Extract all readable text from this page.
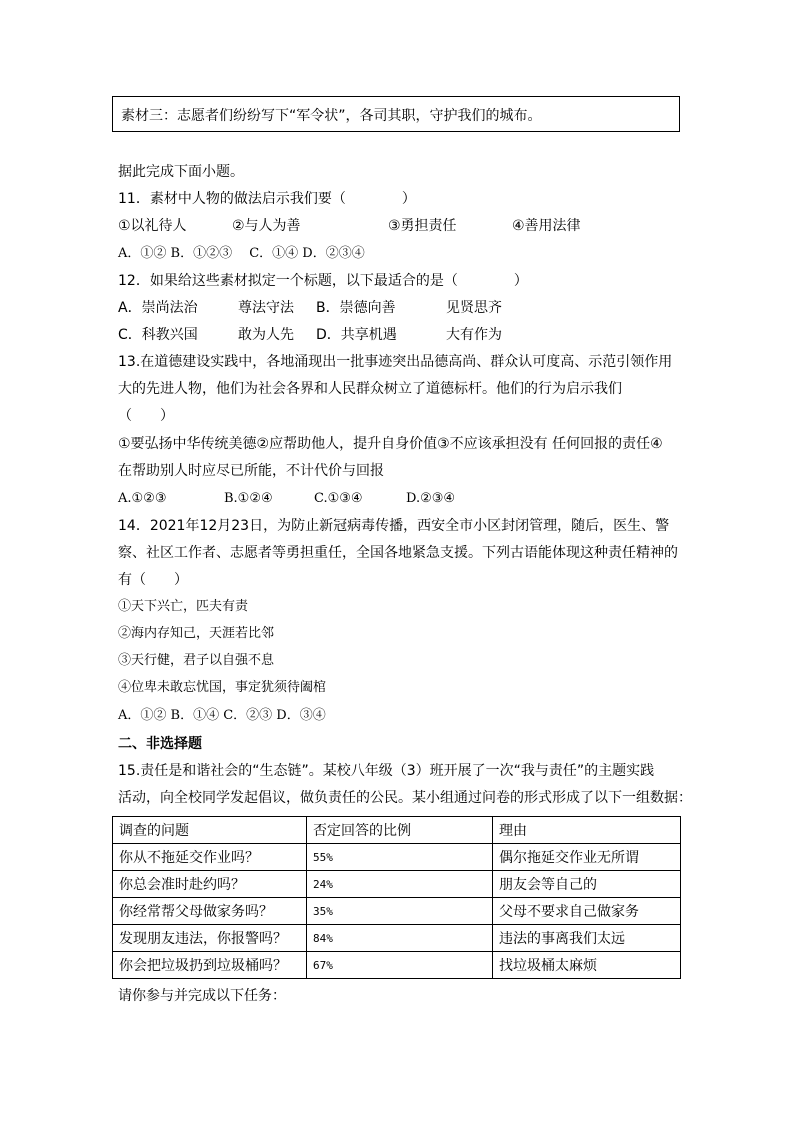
素材三：志愿者们纷纷写下“军令状”，各司其职，守护我们的城布。
据此完成下面小题。
11．素材中人物的做法启示我们要（　　　　）
①以礼待人	②与人为善	③勇担责任	④善用法律
A．①② B．①②③　 C．①④ D．②③④
12．如果给这些素材拟定一个标题，以下最适合的是（　　　　）
A．崇尚法治	尊法守法 B．崇德向善	见贤思齐
C．科教兴国	敢为人先 D．共享机遇	大有作为
13.在道德建设实践中，各地涌现出一批事迹突出品德高尚、群众认可度高、示范引领作用
大的先进人物，他们为社会各界和人民群众树立了道德标杆。他们的行为启示我们
（　　）
①要弘扬中华传统美德②应帮助他人，提升自身价值③不应该承担没有 任何回报的责任④
在帮助别人时应尽已所能，不计代价与回报
A.①②③	B.①②④	C.①③④	D.②③④
14．2021年12月23日，为防止新冠病毒传播，西安全市小区封闭管理，随后，医生、警
察、社区工作者、志愿者等勇担重任，全国各地紧急支援。下列古语能体现这种责任精神的
有（　　）
①天下兴亡，匹夫有责
②海内存知己，天涯若比邻
③天行健，君子以自强不息
④位卑未敢忘忧国，事定犹须待阖棺
A．①② B．①④ C．②③ D．③④
二、非选择题
15.责任是和谐社会的“生态链”。某校八年级（3）班开展了一次“我与责任”的主题实践
活动，向全校同学发起倡议，做负责任的公民。某小组通过问卷的形式形成了以下一组数据：
调查的问题	否定回答的比例	理由
你从不拖延交作业吗？	55%	偶尔拖延交作业无所谓
你总会准时赴约吗？	24%	朋友会等自己的
你经常帮父母做家务吗？	35%	父母不要求自己做家务
发现朋友违法，你报警吗？	84%	违法的事离我们太远
你会把垃圾扔到垃圾桶吗？	67%	找垃圾桶太麻烦
请你参与并完成以下任务：
